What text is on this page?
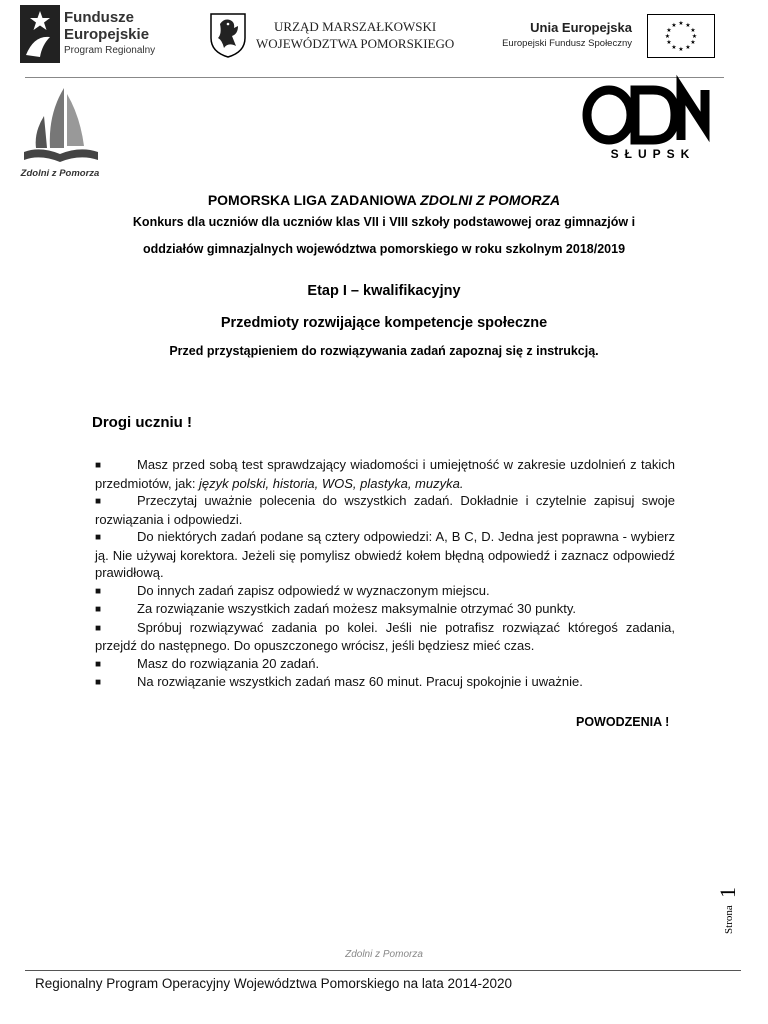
Fundusze
Europejskie
Program Regionalny
URZĄD MARSZAŁKOWSKI
WOJEWÓDZTWA POMORSKIEGO
Unia Europejska
Europejski Fundusz Społeczny
★ ★
★
★
★
★
★
★
★
★
★
★
Zdolni z Pomorza
SŁUPSK
POMORSKA LIGA ZADANIOWA ZDOLNI Z POMORZA
Konkurs dla uczniów dla uczniów klas VII i VIII szkoły podstawowej oraz gimnazjów i
oddziałów gimnazjalnych województwa pomorskiego w roku szkolnym 2018/2019
Etap I – kwalifikacyjny
Przedmioty rozwijające kompetencje społeczne
Przed przystąpieniem do rozwiązywania zadań zapoznaj się z instrukcją.
Drogi uczniu !
■	Masz przed sobą test sprawdzający wiadomości i umiejętność w zakresie uzdolnień z takich przedmiotów, jak: język polski, historia, WOS, plastyka, muzyka.
■	Przeczytaj uważnie polecenia do wszystkich zadań. Dokładnie i czytelnie zapisuj swoje rozwiązania i odpowiedzi.
■	Do niektórych zadań podane są cztery odpowiedzi: A, B C, D. Jedna jest poprawna - wybierz ją. Nie używaj korektora. Jeżeli się pomylisz obwiedź kołem błędną odpowiedź i zaznacz odpowiedź prawidłową.
■	Do innych zadań zapisz odpowiedź w wyznaczonym miejscu.
■	Za rozwiązanie wszystkich zadań możesz maksymalnie otrzymać 30 punkty.
■	Spróbuj rozwiązywać zadania po kolei. Jeśli nie potrafisz rozwiązać któregoś zadania, przejdź do następnego. Do opuszczonego wrócisz, jeśli będziesz mieć czas.
■	Masz do rozwiązania 20 zadań.
■	Na rozwiązanie wszystkich zadań masz 60 minut. Pracuj spokojnie i uważnie.
POWODZENIA !
Strona
1
Zdolni z Pomorza
Regionalny Program Operacyjny Województwa Pomorskiego na lata 2014-2020
